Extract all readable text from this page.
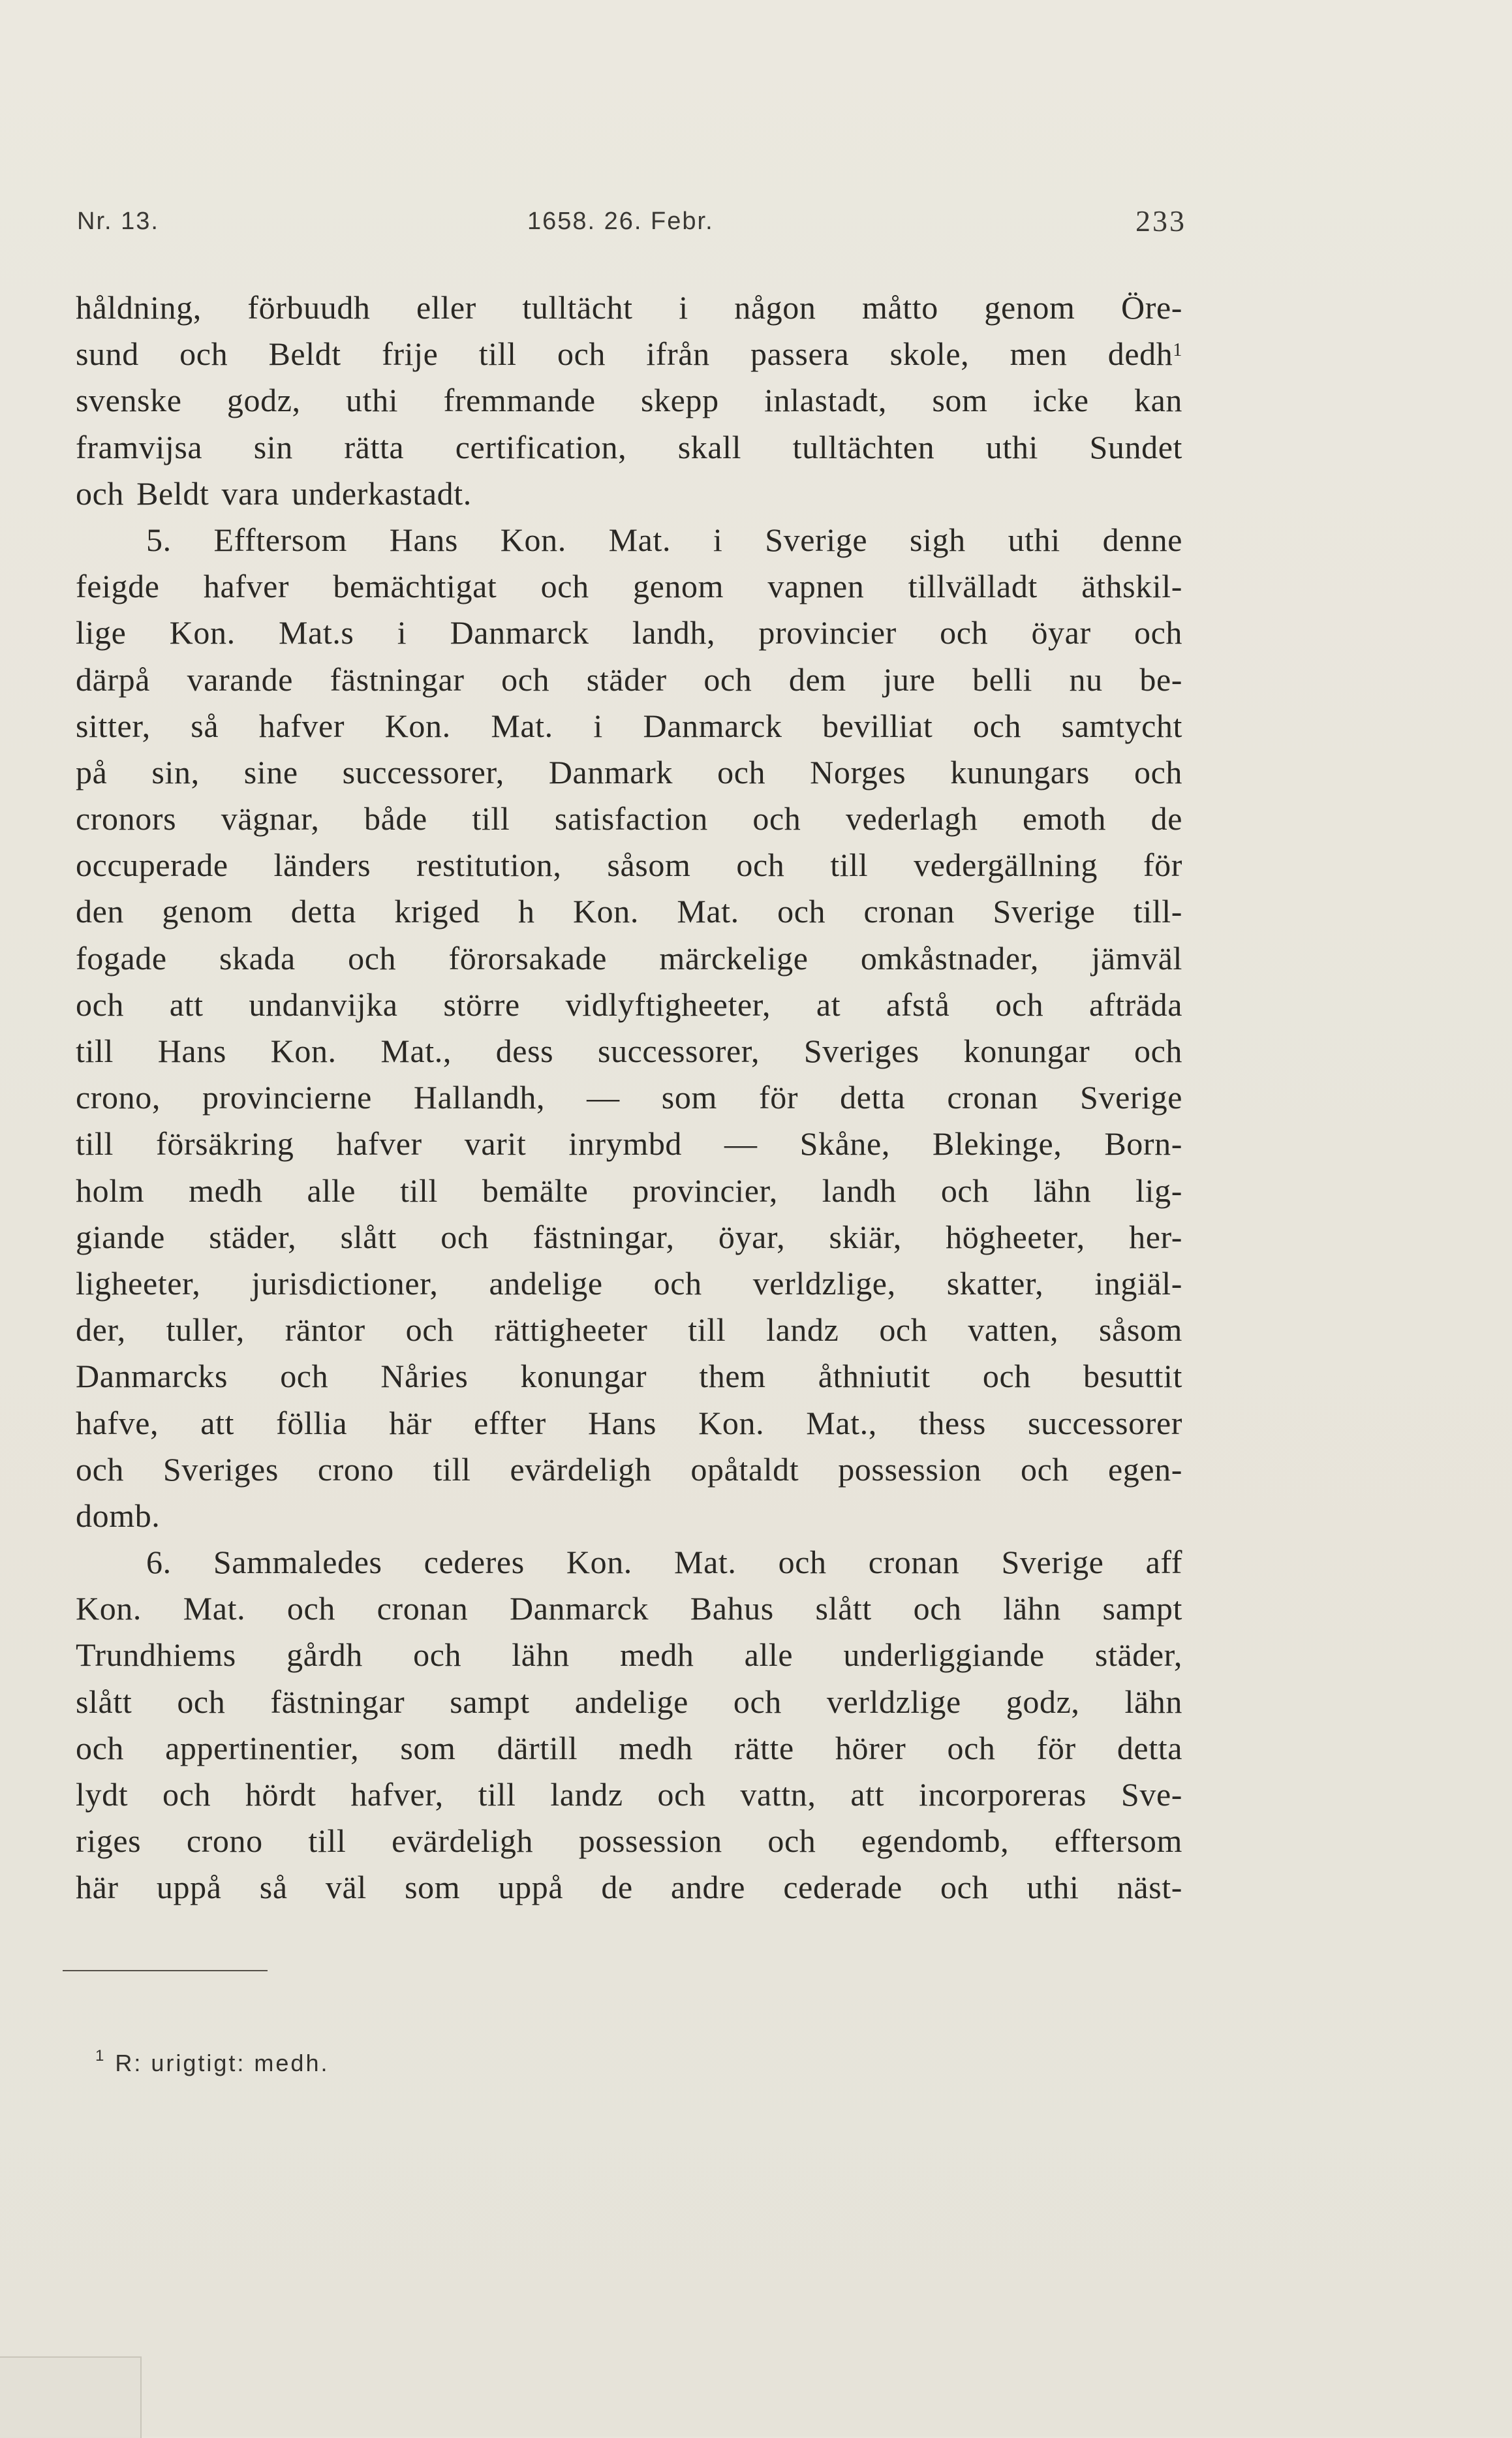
Nr. 13.	1658. 26. Febr.	233
håldning, förbuudh eller tulltächt i någon måtto genom Öre-
sund och Beldt frije till och ifrån passera skole, men dedh$^1$
svenske godz, uthi fremmande skepp inlastadt, som icke kan
framvijsa sin rätta certification, skall tulltächten uthi Sundet
och Beldt vara underkastadt.
5. Efftersom Hans Kon. Mat. i Sverige sigh uthi denne
feigde hafver bemächtigat och genom vapnen tillvälladt äthskil-
lige Kon. Mat.s i Danmarck landh, provincier och öyar och
därpå varande fästningar och städer och dem jure belli nu be-
sitter, så hafver Kon. Mat. i Danmarck bevilliat och samtycht
på sin, sine successorer, Danmark och Norges kunungars och
cronors vägnar, både till satisfaction och vederlagh emoth de
occuperade länders restitution, såsom och till vedergällning för
den genom detta kriged h Kon. Mat. och cronan Sverige till-
fogade skada och förorsakade märckelige omkåstnader, jämväl
och att undanvijka större vidlyftigheeter, at afstå och afträda
till Hans Kon. Mat., dess successorer, Sveriges konungar och
crono, provincierne Hallandh, — som för detta cronan Sverige
till försäkring hafver varit inrymbd — Skåne, Blekinge, Born-
holm medh alle till bemälte provincier, landh och lähn lig-
giande städer, slått och fästningar, öyar, skiär, högheeter, her-
ligheeter, jurisdictioner, andelige och verldzlige, skatter, ingiäl-
der, tuller, räntor och rättigheeter till landz och vatten, såsom
Danmarcks och Nåries konungar them åthniutit och besuttit
hafve, att föllia här effter Hans Kon. Mat., thess successorer
och Sveriges crono till evärdeligh opåtaldt possession och egen-
domb.
6. Sammaledes cederes Kon. Mat. och cronan Sverige aff
Kon. Mat. och cronan Danmarck Bahus slått och lähn sampt
Trundhiems gårdh och lähn medh alle underliggiande städer,
slått och fästningar sampt andelige och verldzlige godz, lähn
och appertinentier, som därtill medh rätte hörer och för detta
lydt och hördt hafver, till landz och vattn, att incorporeras Sve-
riges crono till evärdeligh possession och egendomb, efftersom
här uppå så väl som uppå de andre cederade och uthi näst-
$^1$ R: urigtigt: medh.
